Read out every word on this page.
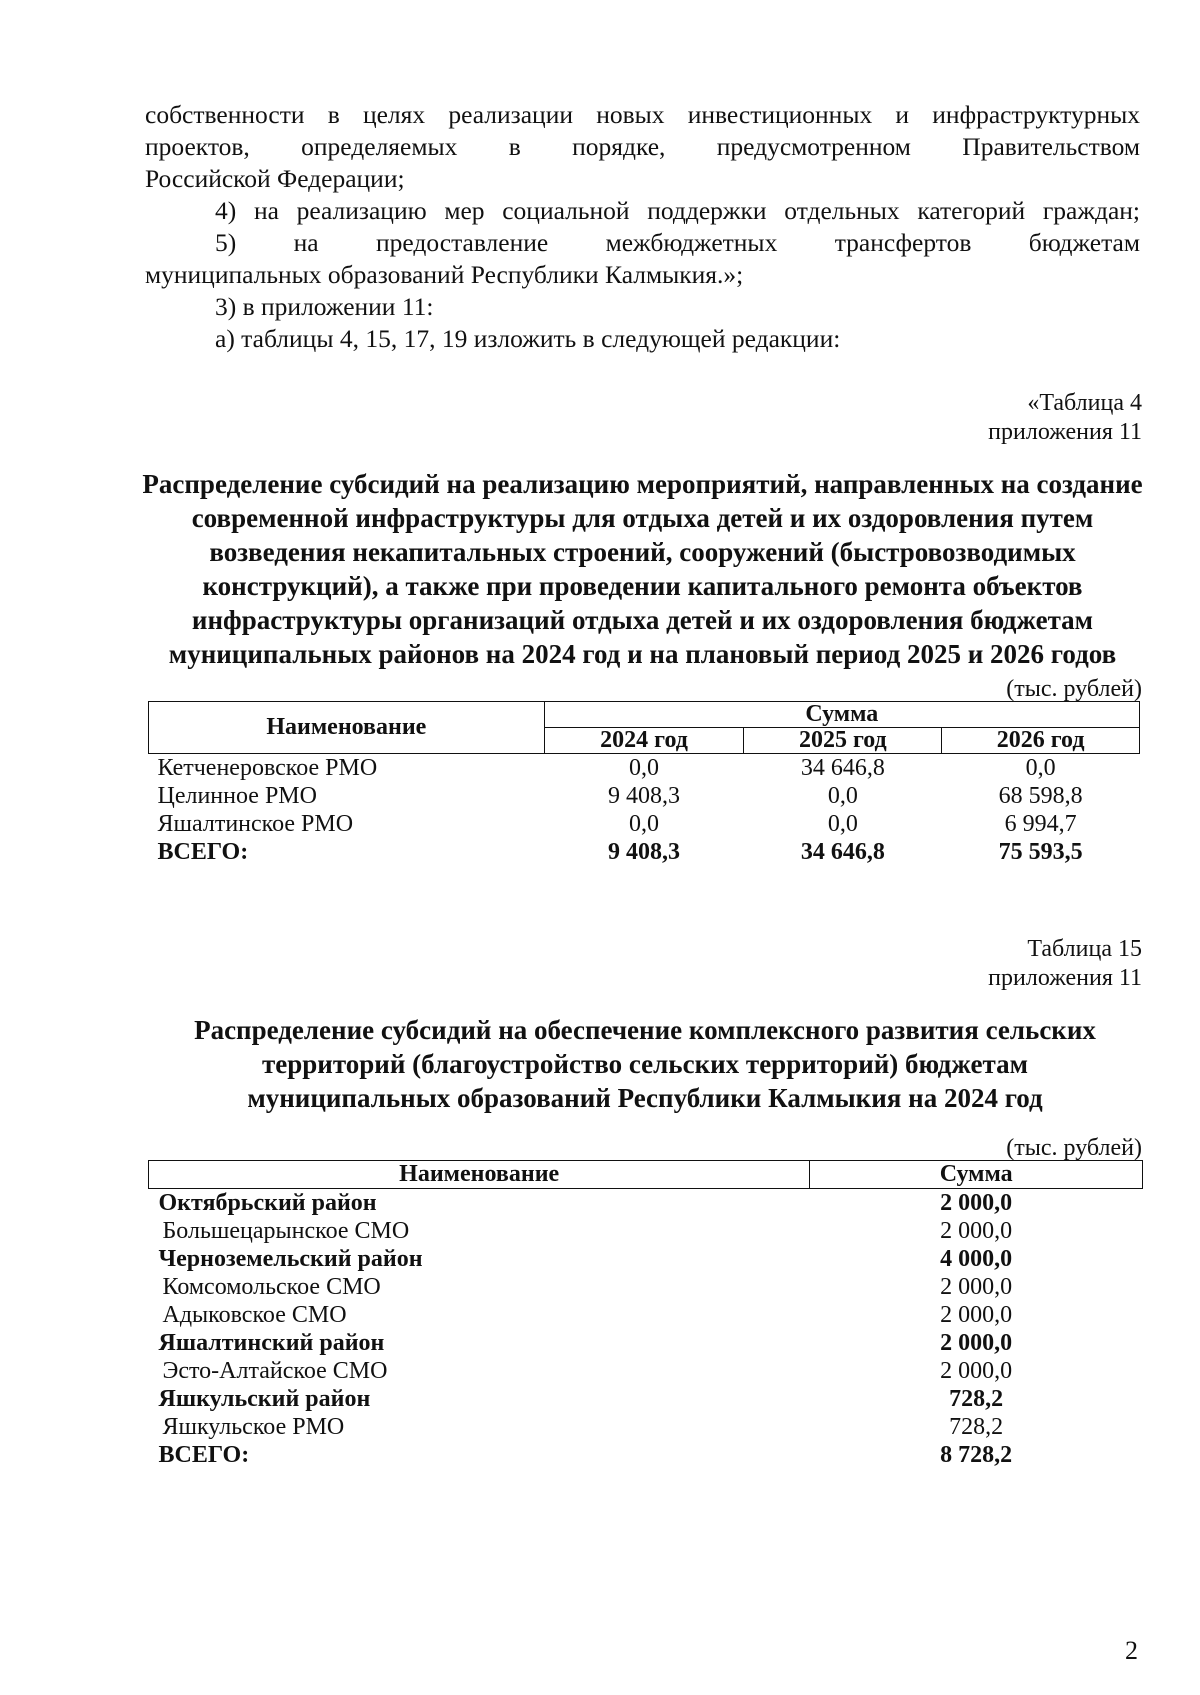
собственности в целях реализации новых инвестиционных и инфраструктурных
проектов, определяемых в порядке, предусмотренном Правительством
Российской Федерации;
4) на реализацию мер социальной поддержки отдельных категорий граждан;
5) на предоставление межбюджетных трансфертов бюджетам
муниципальных образований Республики Калмыкия.»;
3) в приложении 11:
а) таблицы 4, 15, 17, 19 изложить в следующей редакции:
«Таблица 4
приложения 11
Распределение субсидий на реализацию мероприятий, направленных на создание современной инфраструктуры для отдыха детей и их оздоровления путем возведения некапитальных строений, сооружений (быстровозводимых конструкций), а также при проведении капитального ремонта объектов инфраструктуры организаций отдыха детей и их оздоровления бюджетам муниципальных районов на 2024 год и на плановый период 2025 и 2026 годов
(тыс. рублей)
Наименование	Сумма		
	2024 год	2025 год	2026 год
Кетченеровское РМО	0,0	34 646,8	0,0
Целинное РМО	9 408,3	0,0	68 598,8
Яшалтинское РМО	0,0	0,0	6 994,7
ВСЕГО:	9 408,3	34 646,8	75 593,5
Таблица 15
приложения 11
Распределение субсидий на обеспечение комплексного развития сельских территорий (благоустройство сельских территорий) бюджетам муниципальных образований Республики Калмыкия на 2024 год
(тыс. рублей)
Наименование	Сумма
Октябрьский район	2 000,0
Большецарынское СМО	2 000,0
Черноземельский район	4 000,0
Комсомольское СМО	2 000,0
Адыковское СМО	2 000,0
Яшалтинский район	2 000,0
Эсто-Алтайское СМО	2 000,0
Яшкульский район	728,2
Яшкульское РМО	728,2
ВСЕГО:	8 728,2
2
